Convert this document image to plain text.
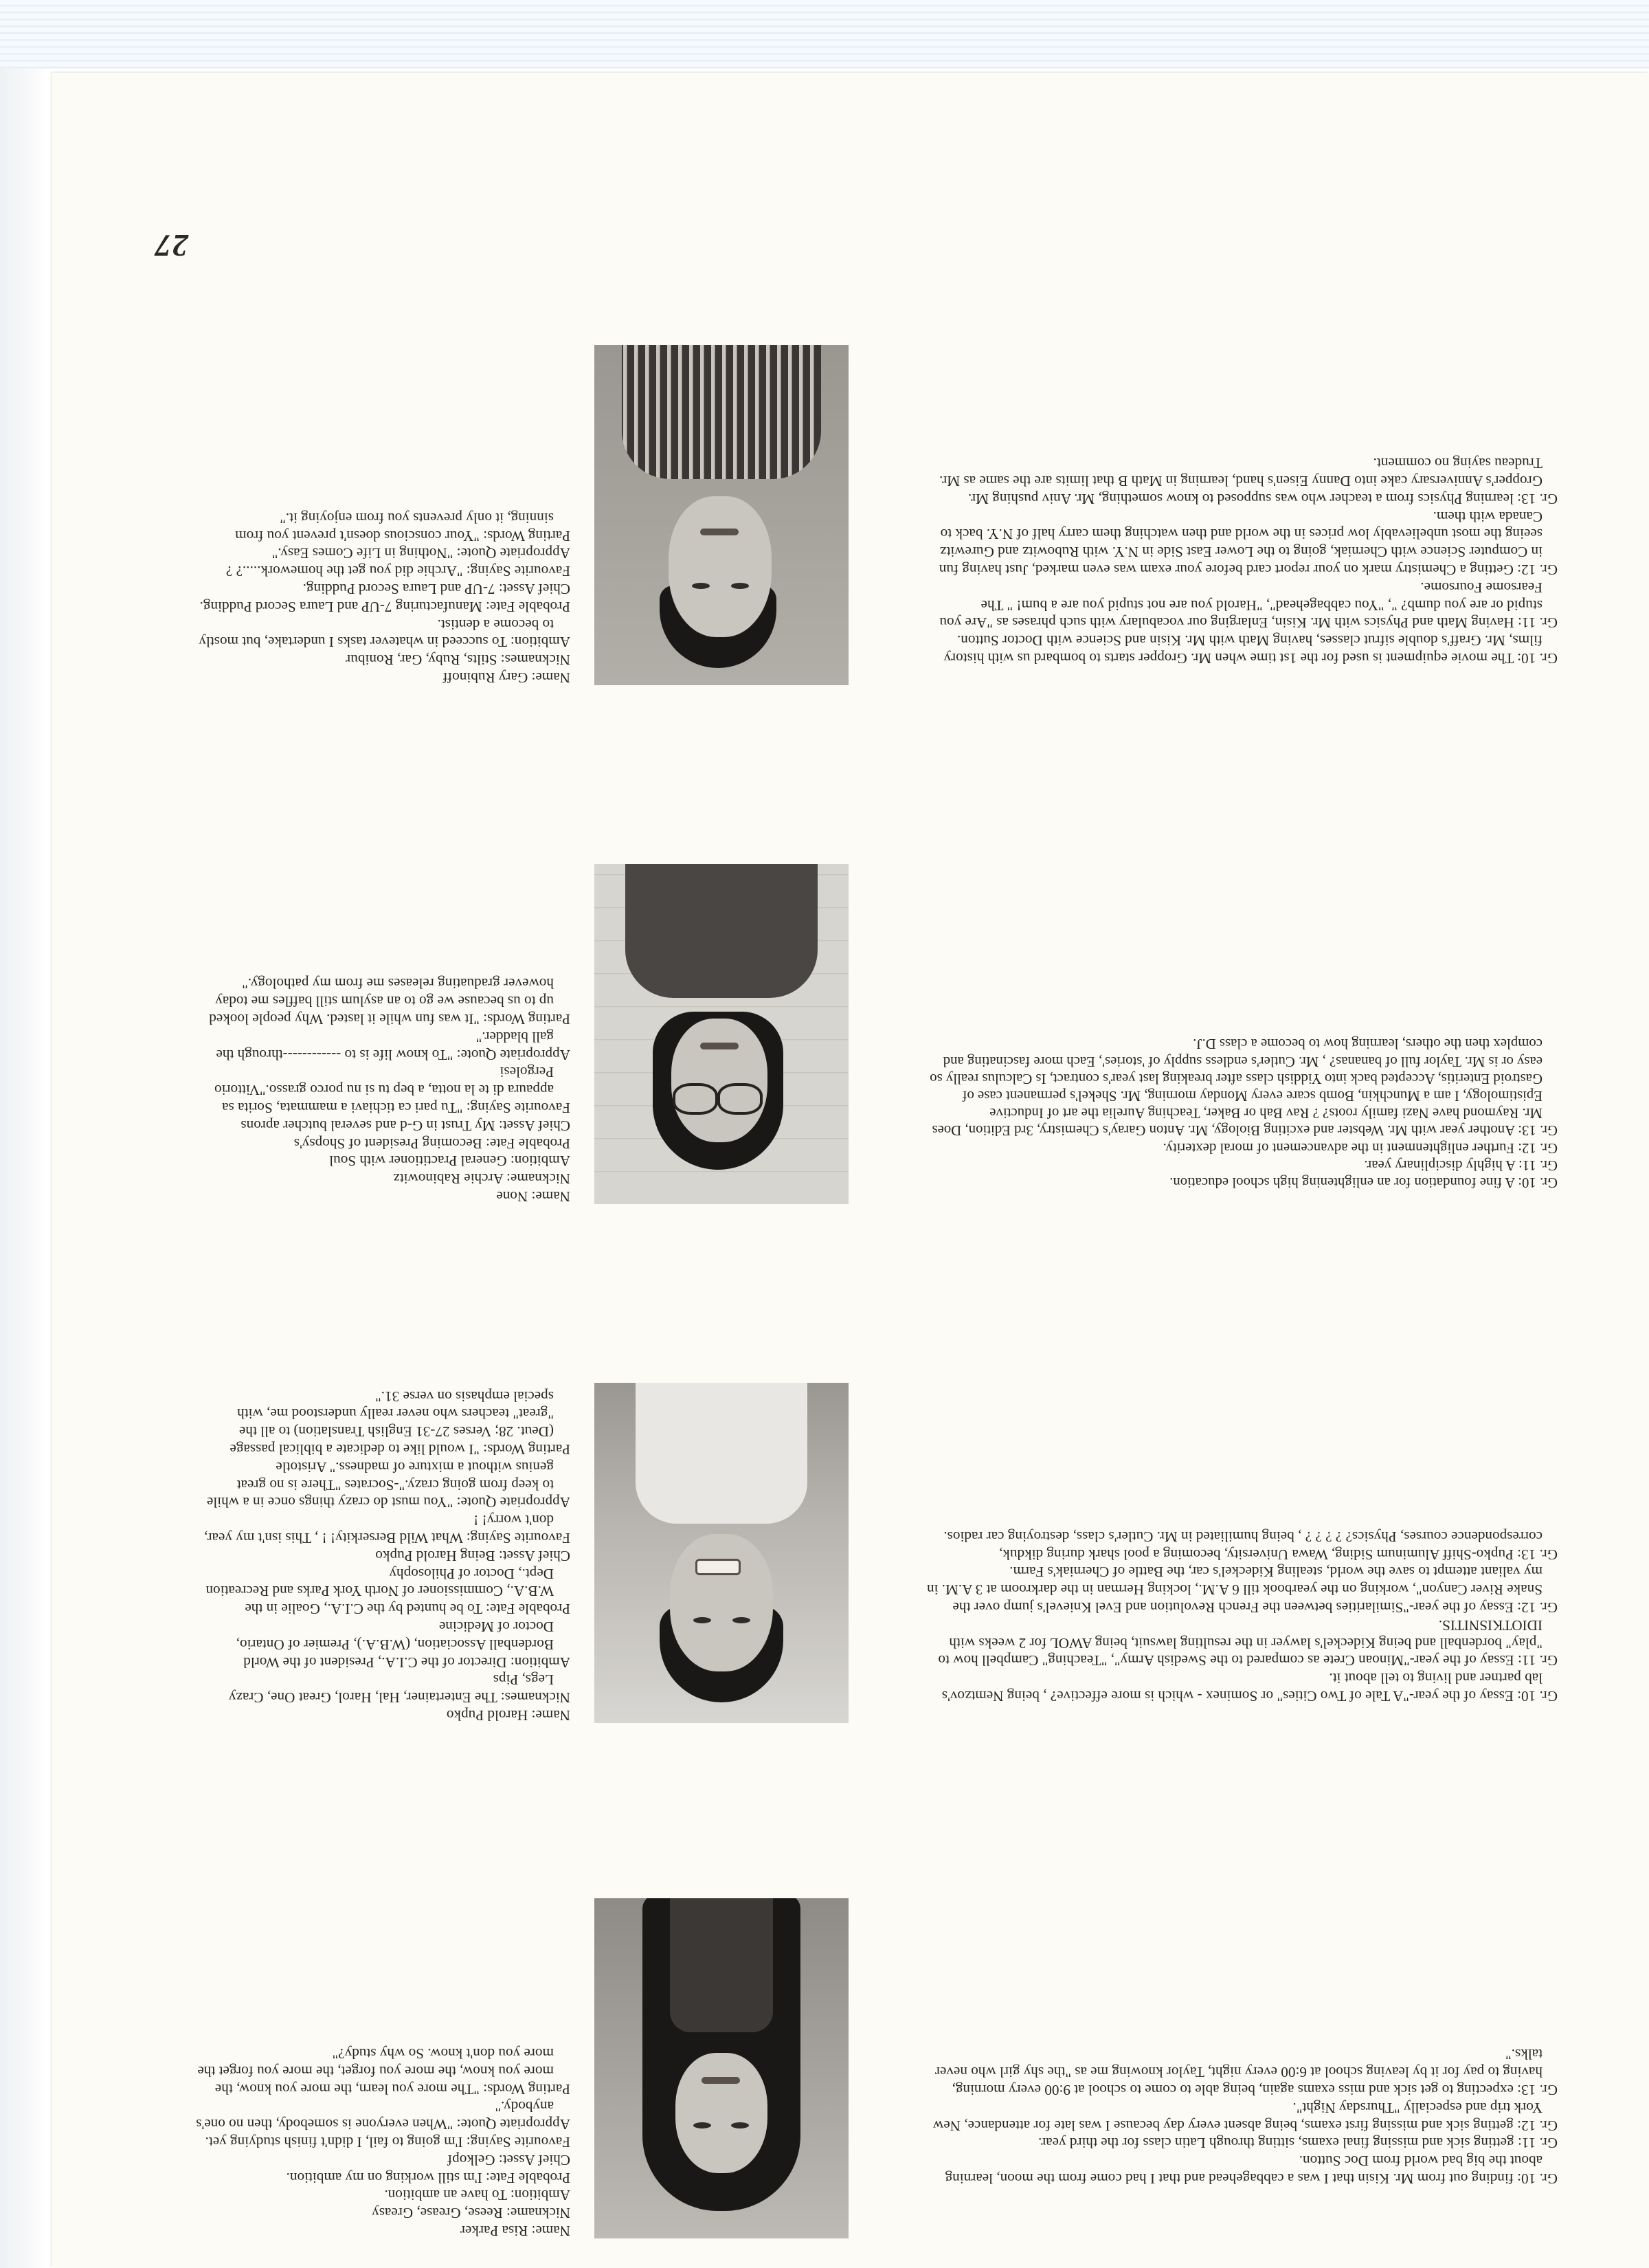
Name: Risa Parker
Nickname: Reese, Grease, Greasy
Ambition: To have an ambition.
Probable Fate: I'm still working on my ambition.
Chief Asset: Gelkopf
Favourite Saying: I'm going to fail, I didn't finish studying yet.
Appropriate Quote: "When everyone is somebody, then no one's anybody."
Parting Words: "The more you learn, the more you know, the more you know, the more you forget, the more you forget the more you don't know. So why study?"
Gr. 10: finding out from Mr. Kisin that I was a cabbagehead and that I had come from the moon, learning about the big bad world from Doc Sutton.
Gr. 11: getting sick and missing final exams, sitting through Latin class for the third year.
Gr. 12: getting sick and missing first exams, being absent every day because I was late for attendance, New York trip and especially "Thursday Night".
Gr. 13: expecting to get sick and miss exams again, being able to come to school at 9:00 every morning, having to pay for it by leaving school at 6:00 every night, Taylor knowing me as "the shy girl who never talks."
Name: Harold Pupko
Nicknames: The Entertainer, Hal, Harol, Great One, Crazy Legs, Pips
Ambition: Director of the C.I.A., President of the World Bordenball Association, (W.B.A.), Premier of Ontario, Doctor of Medicine
Probable Fate: To be hunted by the C.I.A., Goalie in the W.B.A., Commissioner of North York Parks and Recreation Dept., Doctor of Philosophy
Chief Asset: Being Harold Pupko
Favourite Saying: What Wild Berserkity! ! , This isn't my year, don't worry! !
Appropriate Quote: "You must do crazy things once in a while to keep from going crazy."-Socrates "There is no great genius without a mixture of madness." Aristotle
Parting Words: "I would like to dedicate a biblical passage (Deut. 28; Verses 27-31 English Translation) to all the "great" teachers who never really understood me, with special emphasis on verse 31."
Gr. 10: Essay of the year-"A Tale of Two Cities" or Sominex - which is more effective? , being Nemtzov's lab partner and living to tell about it.
Gr. 11: Essay of the year-"Minoan Crete as compared to the Swedish Army", "Teaching" Campbell how to "play" bordenball and being Kideckel's lawyer in the resulting lawsuit, being AWOL for 2 weeks with IDIOTKISNITIS.
Gr. 12: Essay of the year-"Similarities between the French Revolution and Evel Knievel's jump over the Snake River Canyon", working on the yearbook till 6 A.M., locking Herman in the darkroom at 3 A.M. in my valiant attempt to save the world, stealing Kideckel's car, the Battle of Cherniak's Farm.
Gr. 13: Pupko-Shiff Aluminum Siding, Wawa University, becoming a pool shark during dikduk, correspondence courses, Physics? ? ? ? ? , being humiliated in Mr. Cutler's class, destroying car radios.
Name: None
Nickname: Archie Rabinowitz
Ambition: General Practitioner with Soul
Probable Fate: Becoming President of Shopsy's
Chief Asset: My Trust in G-d and several butcher aprons
Favourite Saying: "Tu pari ca tichiavi a mammata, Sorita sa appaura di te la notta, a bep tu si nu porco grasso."Vittorio Pergolesi
Appropriate Quote: "To know life is to ------------through the gall bladder."
Parting Words: "It was fun while it lasted. Why people looked up to us because we go to an asylum still baffles me today however graduating releases me from my pathology."
Gr. 10: A fine foundation for an enlightening high school education.
Gr. 11: A highly disciplinary year.
Gr. 12: Further enlightenment in the advancement of moral dexterity.
Gr. 13: Another year with Mr. Webster and exciting Biology, Mr. Anton Garay's Chemistry, 3rd Edition, Does Mr. Raymond have Nazi family roots? ? Rav Bah or Baker, Teaching Aurelia the art of Inductive Epistimology, I am a Munchkin, Bomb scare every Monday morning, Mr. Shekel's permanent case of Gastroid Enteritis, Accepted back into Yiddish class after breaking last year's contract, Is Calculus really so easy or is Mr. Taylor full of bananas? , Mr. Cutler's endless supply of 'stories', Each more fascinating and complex then the others, learning how to become a class D.J.
Name: Gary Rubinoff
Nicknames: Stilts, Ruby, Gar, Ronibur
Ambition: To succeed in whatever tasks I undertake, but mostly to become a dentist.
Probable Fate: Manufacturing 7-UP and Laura Secord Pudding.
Chief Asset: 7-UP and Laura Secord Pudding.
Favourite Saying: "Archie did you get the homework.....? ?
Appropriate Quote: "Nothing in Life Comes Easy."
Parting Words: "Your conscious doesn't prevent you from sinning, it only prevents you from enjoying it."
Gr. 10: The movie equipment is used for the 1st time when Mr. Gropper starts to bombard us with history films, Mr. Graff's double sifrut classes, having Math with Mr. Kisin and Science with Doctor Sutton.
Gr. 11: Having Math and Physics with Mr. Kisin, Enlarging our vocabulary with such phrases as "Are you stupid or are you dumb? ", "You cabbagehead", "Harold you are not stupid you are a bum! " The Fearsome Foursome.
Gr. 12: Getting a Chemistry mark on your report card before your exam was even marked, Just having fun in Computer Science with Cherniak, going to the Lower East Side in N.Y. with Rubowitz and Gurewitz seeing the most unbelievably low prices in the world and then watching them carry half of N.Y. back to Canada with them.
Gr. 13: learning Physics from a teacher who was supposed to know something, Mr. Aniv pushing Mr. Gropper's Anniversary cake into Danny Eisen's hand, learning in Math B that limits are the same as Mr. Trudeau saying no comment.
27
